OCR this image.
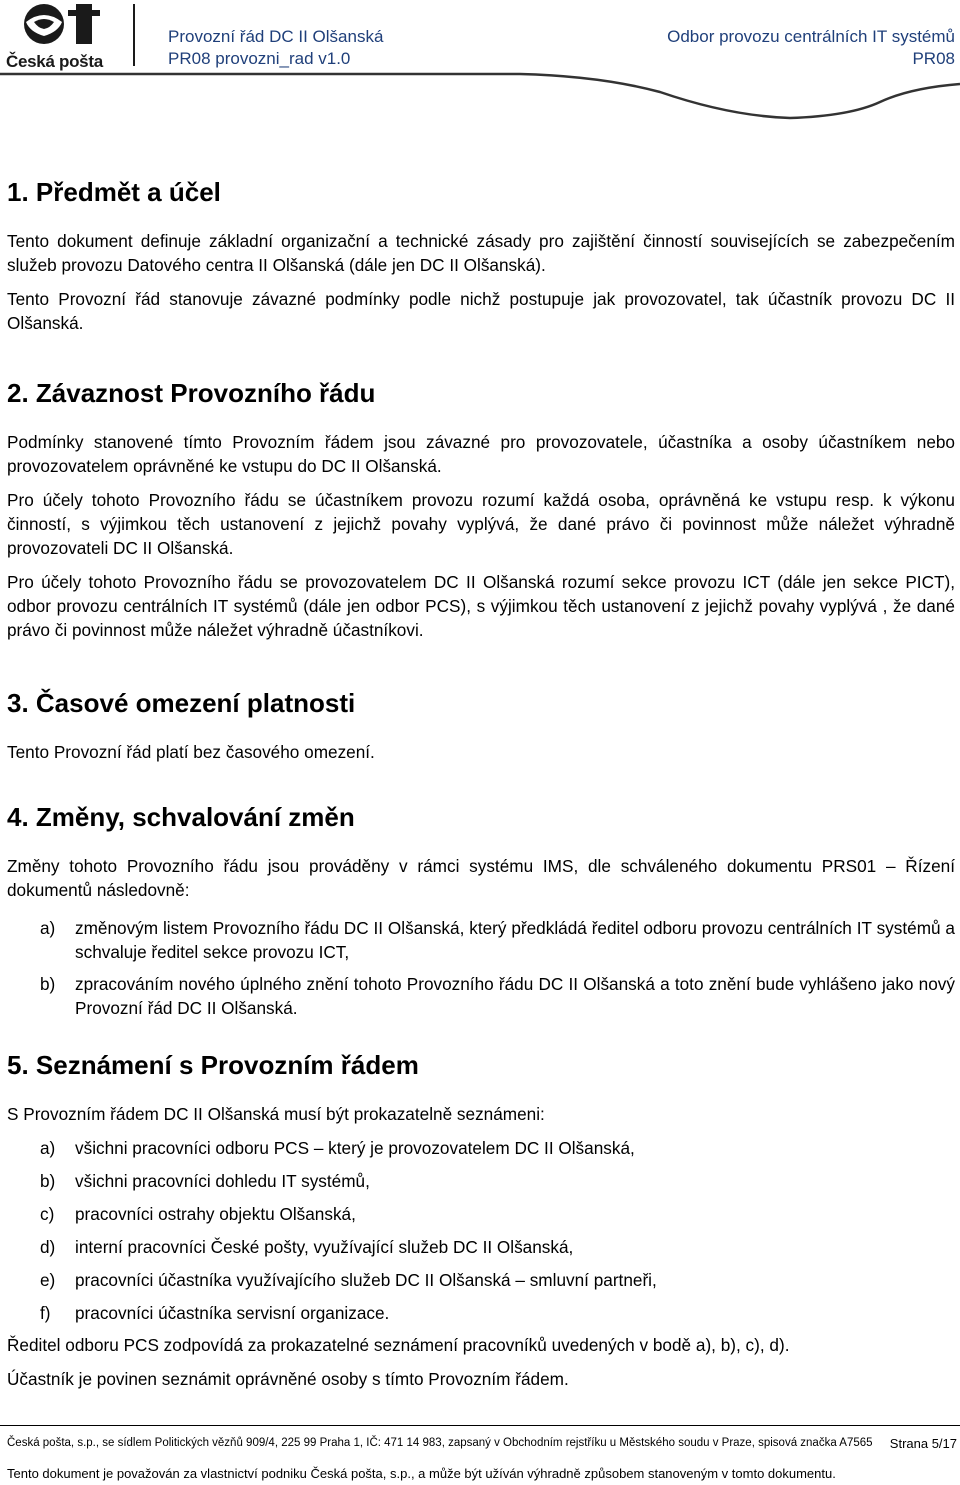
Česká pošta
Provozní řád DC II Olšanská
PR08 provozni_rad v1.0
Odbor provozu centrálních IT systémů
PR08
1. Předmět a účel

Tento dokument definuje základní organizační a technické zásady pro zajištění činností souvisejících se zabezpečením služeb provozu Datového centra II Olšanská (dále jen DC II Olšanská).

Tento Provozní řád stanovuje závazné podmínky podle nichž postupuje jak provozovatel, tak účastník provozu DC II Olšanská.

2. Závaznost Provozního řádu

Podmínky stanovené tímto Provozním řádem jsou závazné pro provozovatele, účastníka a osoby účastníkem nebo provozovatelem oprávněné ke vstupu do DC II Olšanská.

Pro účely tohoto Provozního řádu se účastníkem provozu rozumí každá osoba, oprávněná ke vstupu resp. k výkonu činností, s výjimkou těch ustanovení z jejichž povahy vyplývá, že dané právo či povinnost může náležet výhradně provozovateli DC II Olšanská.

Pro účely tohoto Provozního řádu se provozovatelem DC II Olšanská rozumí sekce provozu ICT (dále jen sekce PICT), odbor provozu centrálních IT systémů (dále jen odbor PCS), s výjimkou těch ustanovení z jejichž povahy vyplývá , že dané právo či povinnost může náležet výhradně účastníkovi.

3. Časové omezení platnosti

Tento Provozní řád platí bez časového omezení.

4. Změny, schvalování změn

Změny tohoto Provozního řádu jsou prováděny v rámci systému IMS, dle schváleného dokumentu PRS01 – Řízení dokumentů následovně:

a)	změnovým listem Provozního řádu DC II Olšanská, který předkládá ředitel odboru provozu centrálních IT systémů a schvaluje ředitel sekce provozu ICT,
b)	zpracováním nového úplného znění tohoto Provozního řádu DC II Olšanská a toto znění bude vyhlášeno jako nový Provozní řád DC II Olšanská.
5. Seznámení s Provozním řádem

S Provozním řádem DC II Olšanská musí být prokazatelně seznámeni:

a)	všichni pracovníci odboru PCS – který je provozovatelem DC II Olšanská,
b)	všichni pracovníci dohledu IT systémů,
c)	pracovníci ostrahy objektu Olšanská,
d)	interní pracovníci České pošty, využívající služeb DC II Olšanská,
e)	pracovníci účastníka využívajícího služeb DC II Olšanská – smluvní partneři,
f)	pracovníci účastníka servisní organizace.

Ředitel odboru PCS zodpovídá za prokazatelné seznámení pracovníků uvedených v bodě a), b), c), d).

Účastník je povinen seznámit oprávněné osoby s tímto Provozním řádem.

Česká pošta, s.p., se sídlem Politických vězňů 909/4, 225 99 Praha 1, IČ: 471 14 983, zapsaný v Obchodním rejstříku u Městského soudu v Praze, spisová značka A7565 Strana 5/17
Tento dokument je považován za vlastnictví podniku Česká pošta, s.p., a může být užíván výhradně způsobem stanoveným v tomto dokumentu.
